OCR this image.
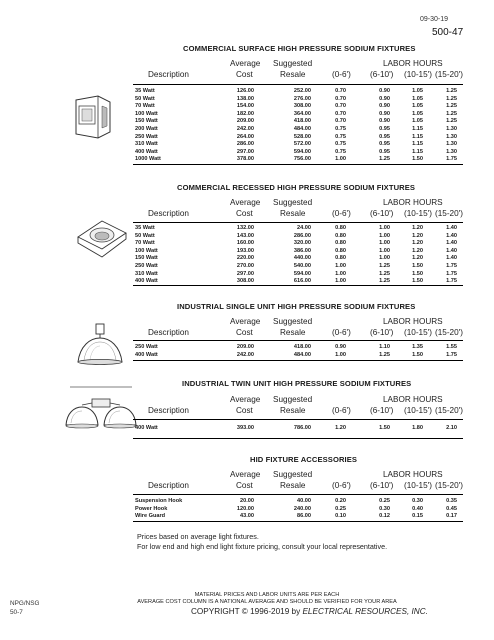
09-30-19
500-47
COMMERCIAL SURFACE HIGH PRESSURE SODIUM FIXTURES
Average Suggested	LABOR HOURS
Description	Cost	Resale	(0-6') (6-10') (10-15') (15-20')
35 Watt	126.00	252.00	0.70	0.90	1.05	1.25
50 Watt	138.00	276.00	0.70	0.90	1.05	1.25
70 Watt	154.00	308.00	0.70	0.90	1.05	1.25
100 Watt	182.00	364.00	0.70	0.90	1.05	1.25
150 Watt	209.00	418.00	0.70	0.90	1.05	1.25
200 Watt	242.00	484.00	0.75	0.95	1.15	1.30
250 Watt	264.00	528.00	0.75	0.95	1.15	1.30
310 Watt	286.00	572.00	0.75	0.95	1.15	1.30
400 Watt	297.00	594.00	0.75	0.95	1.15	1.30
1000 Watt	378.00	756.00	1.00	1.25	1.50	1.75
COMMERCIAL RECESSED HIGH PRESSURE SODIUM FIXTURES
Average Suggested	LABOR HOURS
Description	Cost	Resale	(0-6') (6-10') (10-15') (15-20')
35 Watt	132.00	24.00	0.80	1.00	1.20	1.40
50 Watt	143.00	286.00	0.80	1.00	1.20	1.40
70 Watt	160.00	320.00	0.80	1.00	1.20	1.40
100 Watt	193.00	386.00	0.80	1.00	1.20	1.40
150 Watt	220.00	440.00	0.80	1.00	1.20	1.40
250 Watt	270.00	540.00	1.00	1.25	1.50	1.75
310 Watt	297.00	594.00	1.00	1.25	1.50	1.75
400 Watt	308.00	616.00	1.00	1.25	1.50	1.75
INDUSTRIAL SINGLE UNIT HIGH PRESSURE SODIUM FIXTURES
Average Suggested	LABOR HOURS
Description	Cost	Resale	(0-6') (6-10') (10-15') (15-20')
250 Watt	209.00	418.00	0.90	1.10	1.35	1.55
400 Watt	242.00	484.00	1.00	1.25	1.50	1.75
INDUSTRIAL TWIN UNIT HIGH PRESSURE SODIUM FIXTURES
Average Suggested	LABOR HOURS
Description	Cost	Resale	(0-6') (6-10') (10-15') (15-20')
400 Watt	393.00	786.00	1.20	1.50	1.80	2.10
HID FIXTURE ACCESSORIES
Average Suggested	LABOR HOURS
Description	Cost	Resale	(0-6') (6-10') (10-15') (15-20')
Suspension Hook	20.00	40.00	0.20	0.25	0.30	0.35
Power Hook	120.00	240.00	0.25	0.30	0.40	0.45
Wire Guard	43.00	86.00	0.10	0.12	0.15	0.17
Prices based on average light fixtures.
For low end and high end light fixture pricing, consult your local representative.
MATERIAL PRICES AND LABOR UNITS ARE PER EACH
AVERAGE COST COLUMN IS A NATIONAL AVERAGE AND SHOULD BE VERIFIED FOR YOUR AREA
NPG/NSG
50-7	COPYRIGHT © 1996-2019 by ELECTRICAL RESOURCES, INC.
